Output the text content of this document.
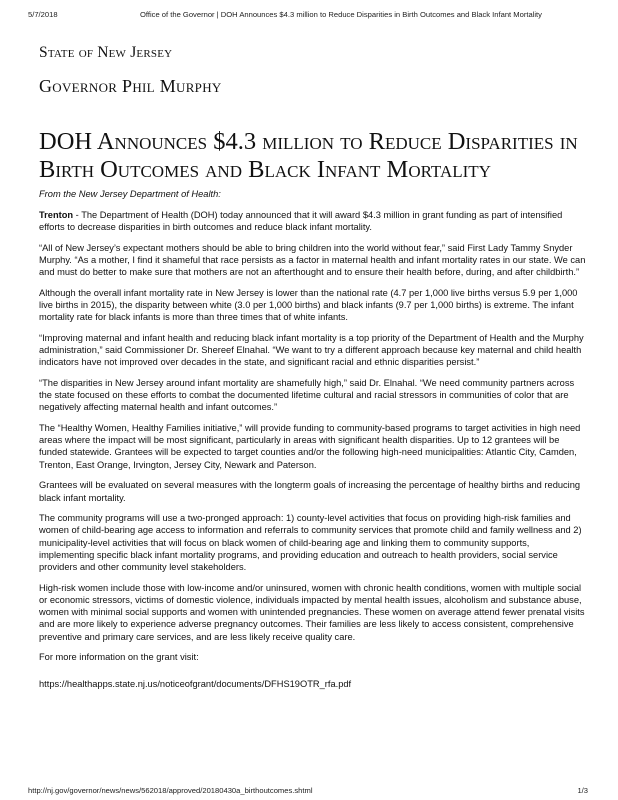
5/7/2018	Office of the Governor | DOH Announces $4.3 million to Reduce Disparities in Birth Outcomes and Black Infant Mortality
State of New Jersey
Governor Phil Murphy
DOH Announces $4.3 million to Reduce Disparities in Birth Outcomes and Black Infant Mortality

From the New Jersey Department of Health:

Trenton - The Department of Health (DOH) today announced that it will award $4.3 million in grant funding as part of intensified efforts to decrease disparities in birth outcomes and reduce black infant mortality.

“All of New Jersey’s expectant mothers should be able to bring children into the world without fear,” said First Lady Tammy Snyder Murphy. “As a mother, I find it shameful that race persists as a factor in maternal health and infant mortality rates in our state. We can and must do better to make sure that mothers are not an afterthought and to ensure their health before, during, and after childbirth.”

Although the overall infant mortality rate in New Jersey is lower than the national rate (4.7 per 1,000 live births versus 5.9 per 1,000 live births in 2015), the disparity between white (3.0 per 1,000 births) and black infants (9.7 per 1,000 births) is extreme. The infant mortality rate for black infants is more than three times that of white infants.

“Improving maternal and infant health and reducing black infant mortality is a top priority of the Department of Health and the Murphy administration,” said Commissioner Dr. Shereef Elnahal. “We want to try a different approach because key maternal and child health indicators have not improved over decades in the state, and significant racial and ethnic disparities persist.”

“The disparities in New Jersey around infant mortality are shamefully high,” said Dr. Elnahal. “We need community partners across the state focused on these efforts to combat the documented lifetime cultural and racial stressors in communities of color that are negatively affecting maternal health and infant outcomes.”

The “Healthy Women, Healthy Families initiative,” will provide funding to community-based programs to target activities in high need areas where the impact will be most significant, particularly in areas with significant health disparities. Up to 12 grantees will be funded statewide. Grantees will be expected to target counties and/or the following high-need municipalities: Atlantic City, Camden, Trenton, East Orange, Irvington, Jersey City, Newark and Paterson.

Grantees will be evaluated on several measures with the longterm goals of increasing the percentage of healthy births and reducing black infant mortality.

The community programs will use a two-pronged approach: 1) county-level activities that focus on providing high-risk families and women of child-bearing age access to information and referrals to community services that promote child and family wellness and 2) municipality-level activities that will focus on black women of child-bearing age and linking them to community supports, implementing specific black infant mortality programs, and providing education and outreach to health providers, social service providers and other community level stakeholders.

High-risk women include those with low-income and/or uninsured, women with chronic health conditions, women with multiple social or economic stressors, victims of domestic violence, individuals impacted by mental health issues, alcoholism and substance abuse, women with minimal social supports and women with unintended pregnancies. These women on average attend fewer prenatal visits and are more likely to experience adverse pregnancy outcomes. Their families are less likely to access consistent, comprehensive preventive and primary care services, and are less likely receive quality care.

For more information on the grant visit:

https://healthapps.state.nj.us/noticeofgrant/documents/DFHS19OTR_rfa.pdf

http://nj.gov/governor/news/news/562018/approved/20180430a_birthoutcomes.shtml	1/3
